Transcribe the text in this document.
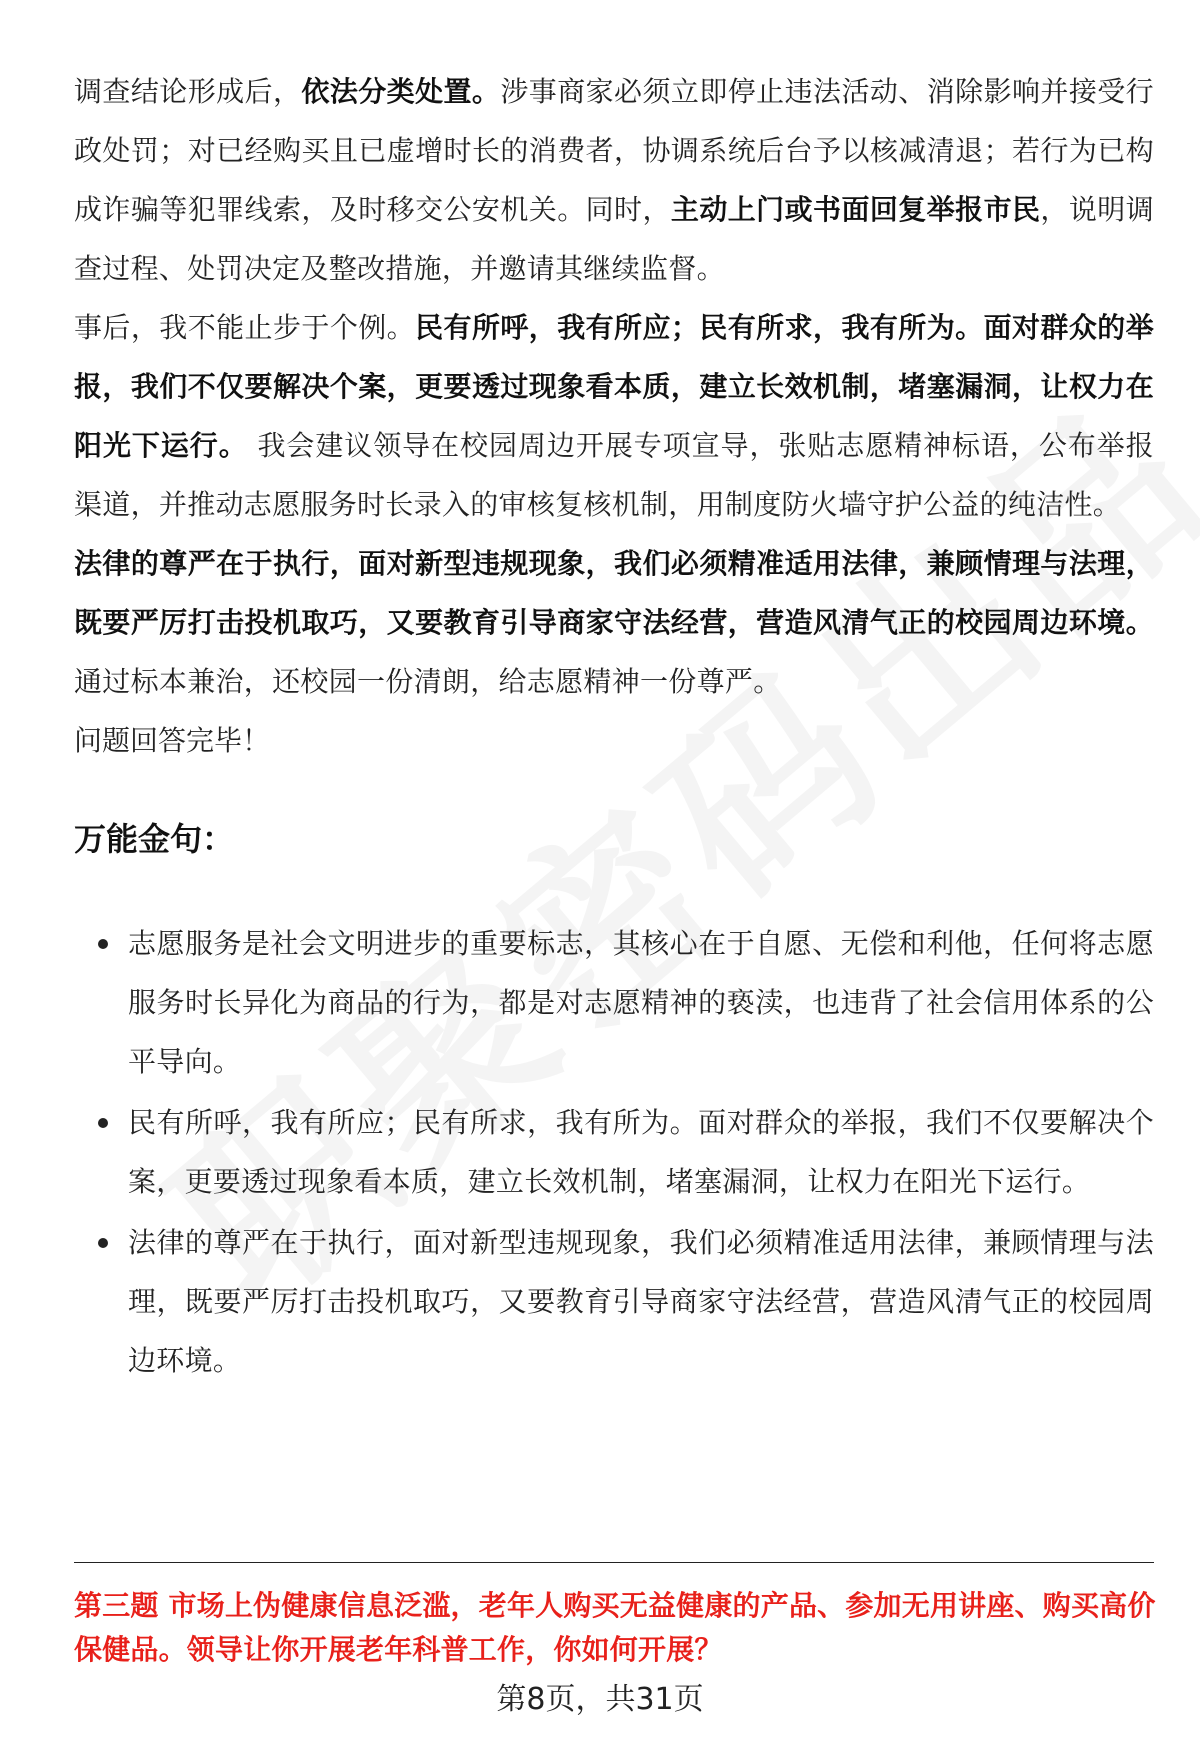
调查结论形成后，依法分类处置。涉事商家必须立即停止违法活动、消除影响并接受行政处罚；对已经购买且已虚增时长的消费者，协调系统后台予以核减清退；若行为已构成诈骗等犯罪线索，及时移交公安机关。同时，主动上门或书面回复举报市民，说明调查过程、处罚决定及整改措施，并邀请其继续监督。

事后，我不能止步于个例。民有所呼，我有所应；民有所求，我有所为。面对群众的举报，我们不仅要解决个案，更要透过现象看本质，建立长效机制，堵塞漏洞，让权力在阳光下运行。 我会建议领导在校园周边开展专项宣导，张贴志愿精神标语，公布举报渠道，并推动志愿服务时长录入的审核复核机制，用制度防火墙守护公益的纯洁性。

法律的尊严在于执行，面对新型违规现象，我们必须精准适用法律，兼顾情理与法理，既要严厉打击投机取巧，又要教育引导商家守法经营，营造风清气正的校园周边环境。 通过标本兼治，还校园一份清朗，给志愿精神一份尊严。

问题回答完毕！

万能金句：
志愿服务是社会文明进步的重要标志，其核心在于自愿、无偿和利他，任何将志愿服务时长异化为商品的行为，都是对志愿精神的亵渎，也违背了社会信用体系的公平导向。
民有所呼，我有所应；民有所求，我有所为。面对群众的举报，我们不仅要解决个案，更要透过现象看本质，建立长效机制，堵塞漏洞，让权力在阳光下运行。
法律的尊严在于执行，面对新型违规现象，我们必须精准适用法律，兼顾情理与法理，既要严厉打击投机取巧，又要教育引导商家守法经营，营造风清气正的校园周边环境。

第三题 市场上伪健康信息泛滥，老年人购买无益健康的产品、参加无用讲座、购买高价保健品。领导让你开展老年科普工作，你如何开展？

第8页，共31页
